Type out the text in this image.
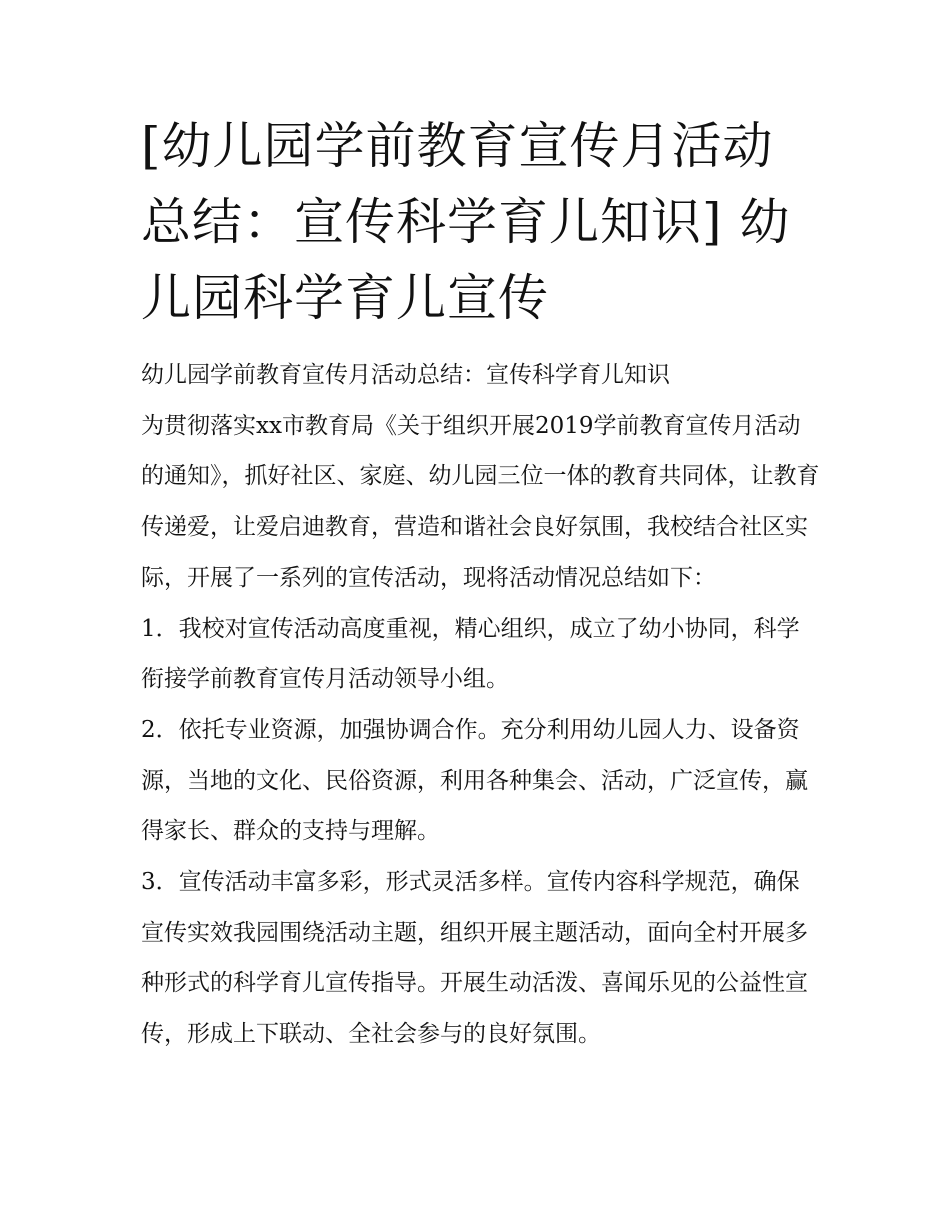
[幼儿园学前教育宣传月活动总结：宣传科学育儿知识] 幼儿园科学育儿宣传

幼儿园学前教育宣传月活动总结：宣传科学育儿知识

为贯彻落实xx市教育局《关于组织开展2019学前教育宣传月活动的通知》，抓好社区、家庭、幼儿园三位一体的教育共同体，让教育传递爱，让爱启迪教育，营造和谐社会良好氛围，我校结合社区实际，开展了一系列的宣传活动，现将活动情况总结如下：

1．我校对宣传活动高度重视，精心组织，成立了幼小协同，科学衔接学前教育宣传月活动领导小组。

2．依托专业资源，加强协调合作。充分利用幼儿园人力、设备资源，当地的文化、民俗资源，利用各种集会、活动，广泛宣传，赢得家长、群众的支持与理解。

3．宣传活动丰富多彩，形式灵活多样。宣传内容科学规范，确保宣传实效我园围绕活动主题，组织开展主题活动，面向全村开展多种形式的科学育儿宣传指导。开展生动活泼、喜闻乐见的公益性宣传，形成上下联动、全社会参与的良好氛围。
